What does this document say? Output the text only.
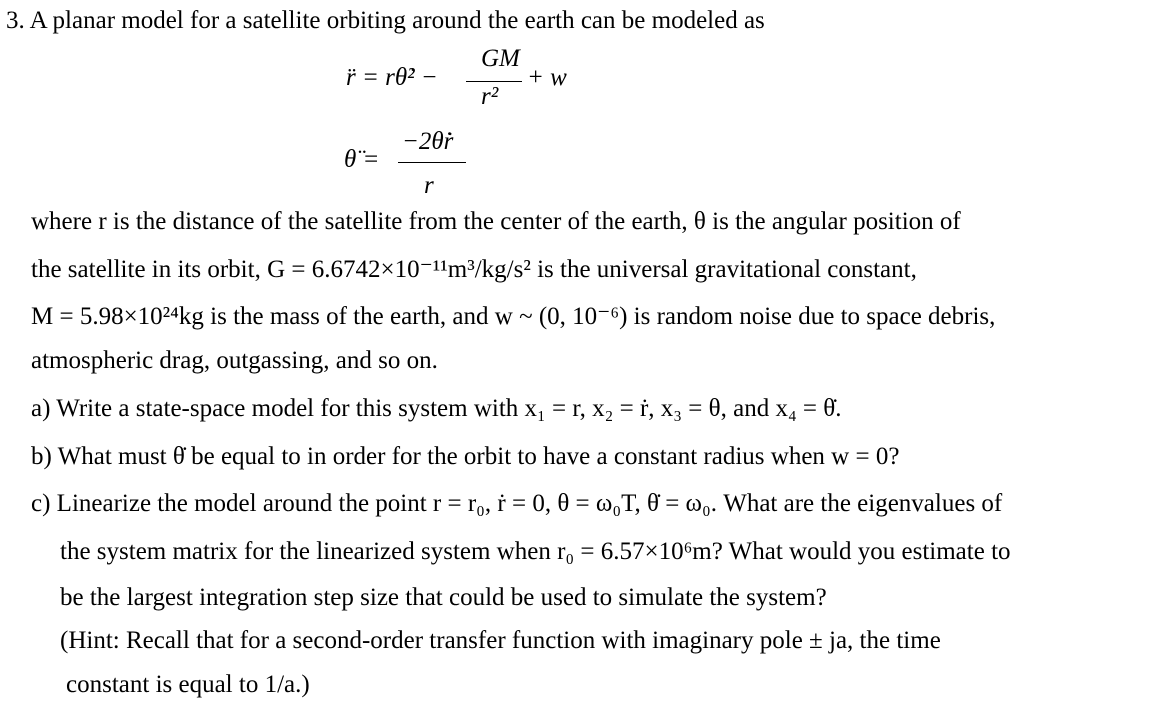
3. A planar model for a satellite orbiting around the earth can be modeled as
r̈ = rθ̇² −
GM
r²
+ w
θ̈ =
−2θ̇ṙ
r
where r is the distance of the satellite from the center of the earth, θ is the angular position of
the satellite in its orbit, G = 6.6742×10⁻¹¹m³/kg/s² is the universal gravitational constant,
M = 5.98×10²⁴kg is the mass of the earth, and w ~ (0, 10⁻⁶) is random noise due to space debris,
atmospheric drag, outgassing, and so on.
a) Write a state-space model for this system with x₁ = r, x₂ = ṙ, x₃ = θ, and x₄ = θ̇.
b) What must θ̇ be equal to in order for the orbit to have a constant radius when w = 0?
c) Linearize the model around the point r = r₀, ṙ = 0, θ = ω₀T, θ̇ = ω₀. What are the eigenvalues of
the system matrix for the linearized system when r₀ = 6.57×10⁶m? What would you estimate to
be the largest integration step size that could be used to simulate the system?
(Hint: Recall that for a second-order transfer function with imaginary pole ± ja, the time
constant is equal to 1/a.)
